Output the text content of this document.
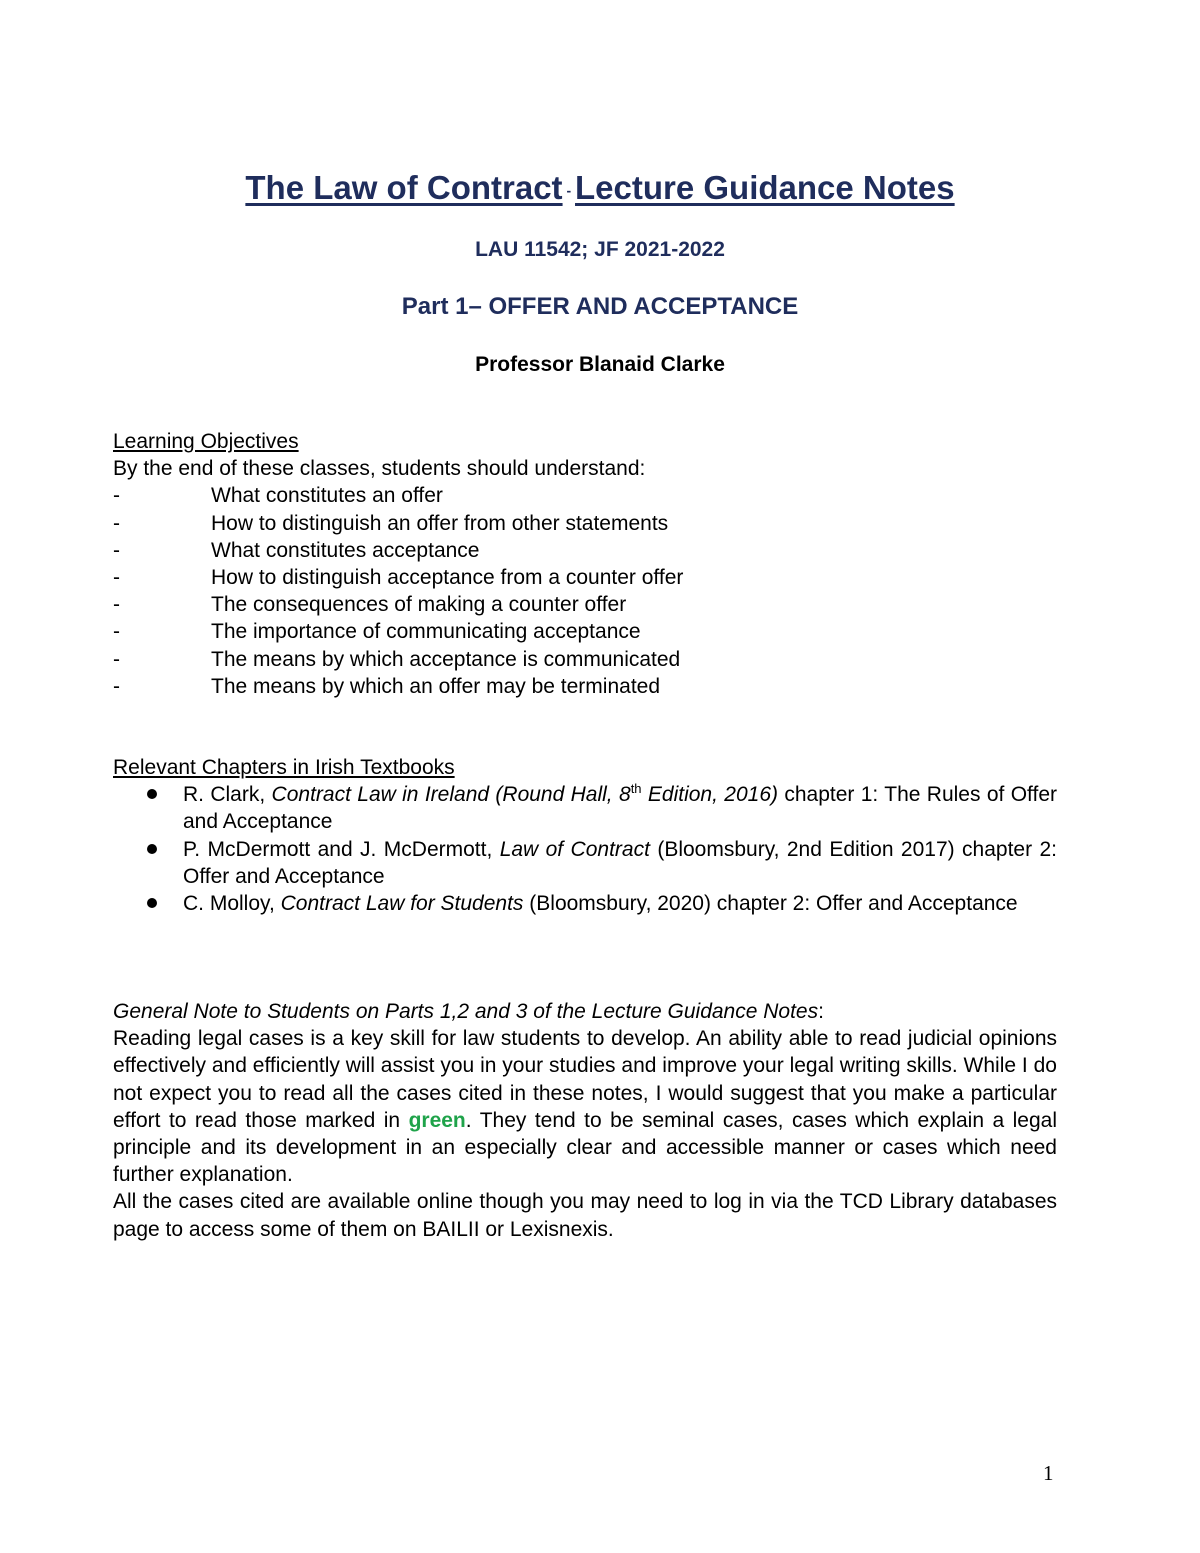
The Law of Contract - Lecture Guidance Notes
LAU 11542; JF 2021-2022
Part 1– OFFER AND ACCEPTANCE
Professor Blanaid Clarke
Learning Objectives
By the end of these classes, students should understand:
-	What constitutes an offer
-	How to distinguish an offer from other statements
-	What constitutes acceptance
-	How to distinguish acceptance from a counter offer
-	The consequences of making a counter offer
-	The importance of communicating acceptance
-	The means by which acceptance is communicated
-	The means by which an offer may be terminated
Relevant Chapters in Irish Textbooks
R. Clark, Contract Law in Ireland (Round Hall, 8th Edition, 2016) chapter 1: The Rules of Offer and Acceptance
P. McDermott and J. McDermott, Law of Contract (Bloomsbury, 2nd Edition 2017) chapter 2: Offer and Acceptance
C. Molloy, Contract Law for Students (Bloomsbury, 2020) chapter 2: Offer and Acceptance

General Note to Students on Parts 1,2 and 3 of the Lecture Guidance Notes:

Reading legal cases is a key skill for law students to develop. An ability able to read judicial opinions effectively and efficiently will assist you in your studies and improve your legal writing skills. While I do not expect you to read all the cases cited in these notes, I would suggest that you make a particular effort to read those marked in green. They tend to be seminal cases, cases which explain a legal principle and its development in an especially clear and accessible manner or cases which need further explanation.

All the cases cited are available online though you may need to log in via the TCD Library databases page to access some of them on BAILII or Lexisnexis.

1
